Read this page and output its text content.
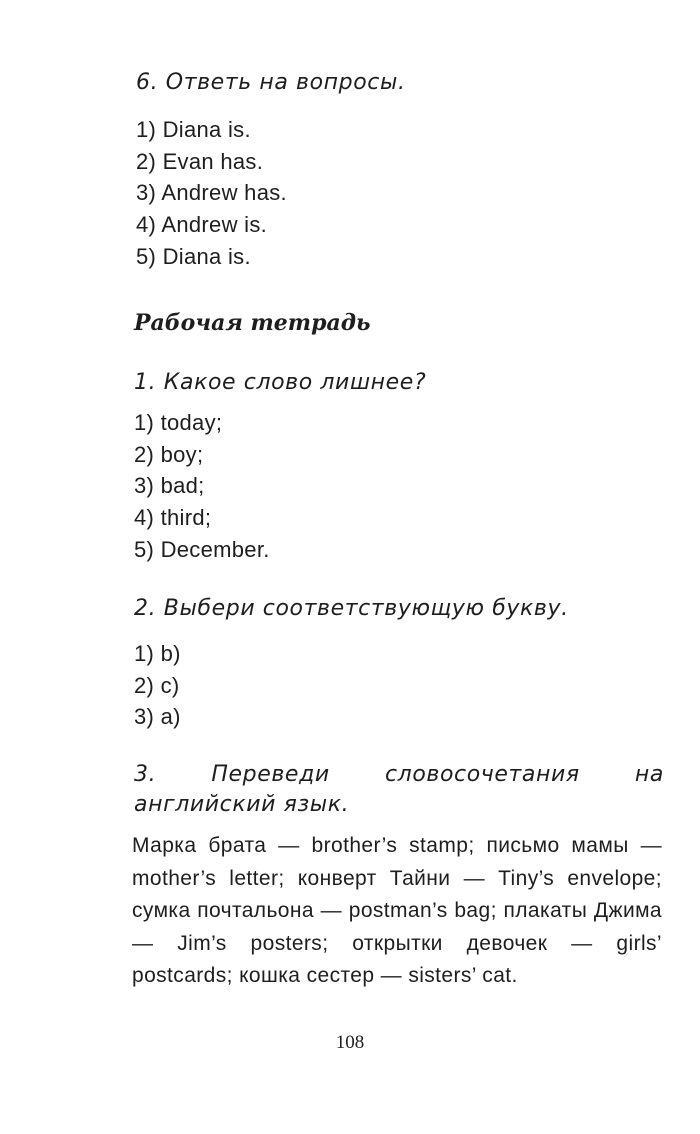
6. Ответь на вопросы.

1) Diana is.
2) Evan has.
3) Andrew has.
4) Andrew is.
5) Diana is.

Рабочая тетрадь

1. Какое слово лишнее?

1) today;
2) boy;
3) bad;
4) third;
5) December.

2. Выбери соответствующую букву.

1) b)
2) c)
3) a)

3. Переведи словосочетания на английский язык.

Марка брата — brother’s stamp; письмо мамы — mother’s letter; конверт Тайни — Tiny’s envelope; сумка почтальона — postman’s bag; плакаты Джима — Jim’s posters; открытки девочек — girls’ postcards; кошка сестер — sisters’ cat.

108
